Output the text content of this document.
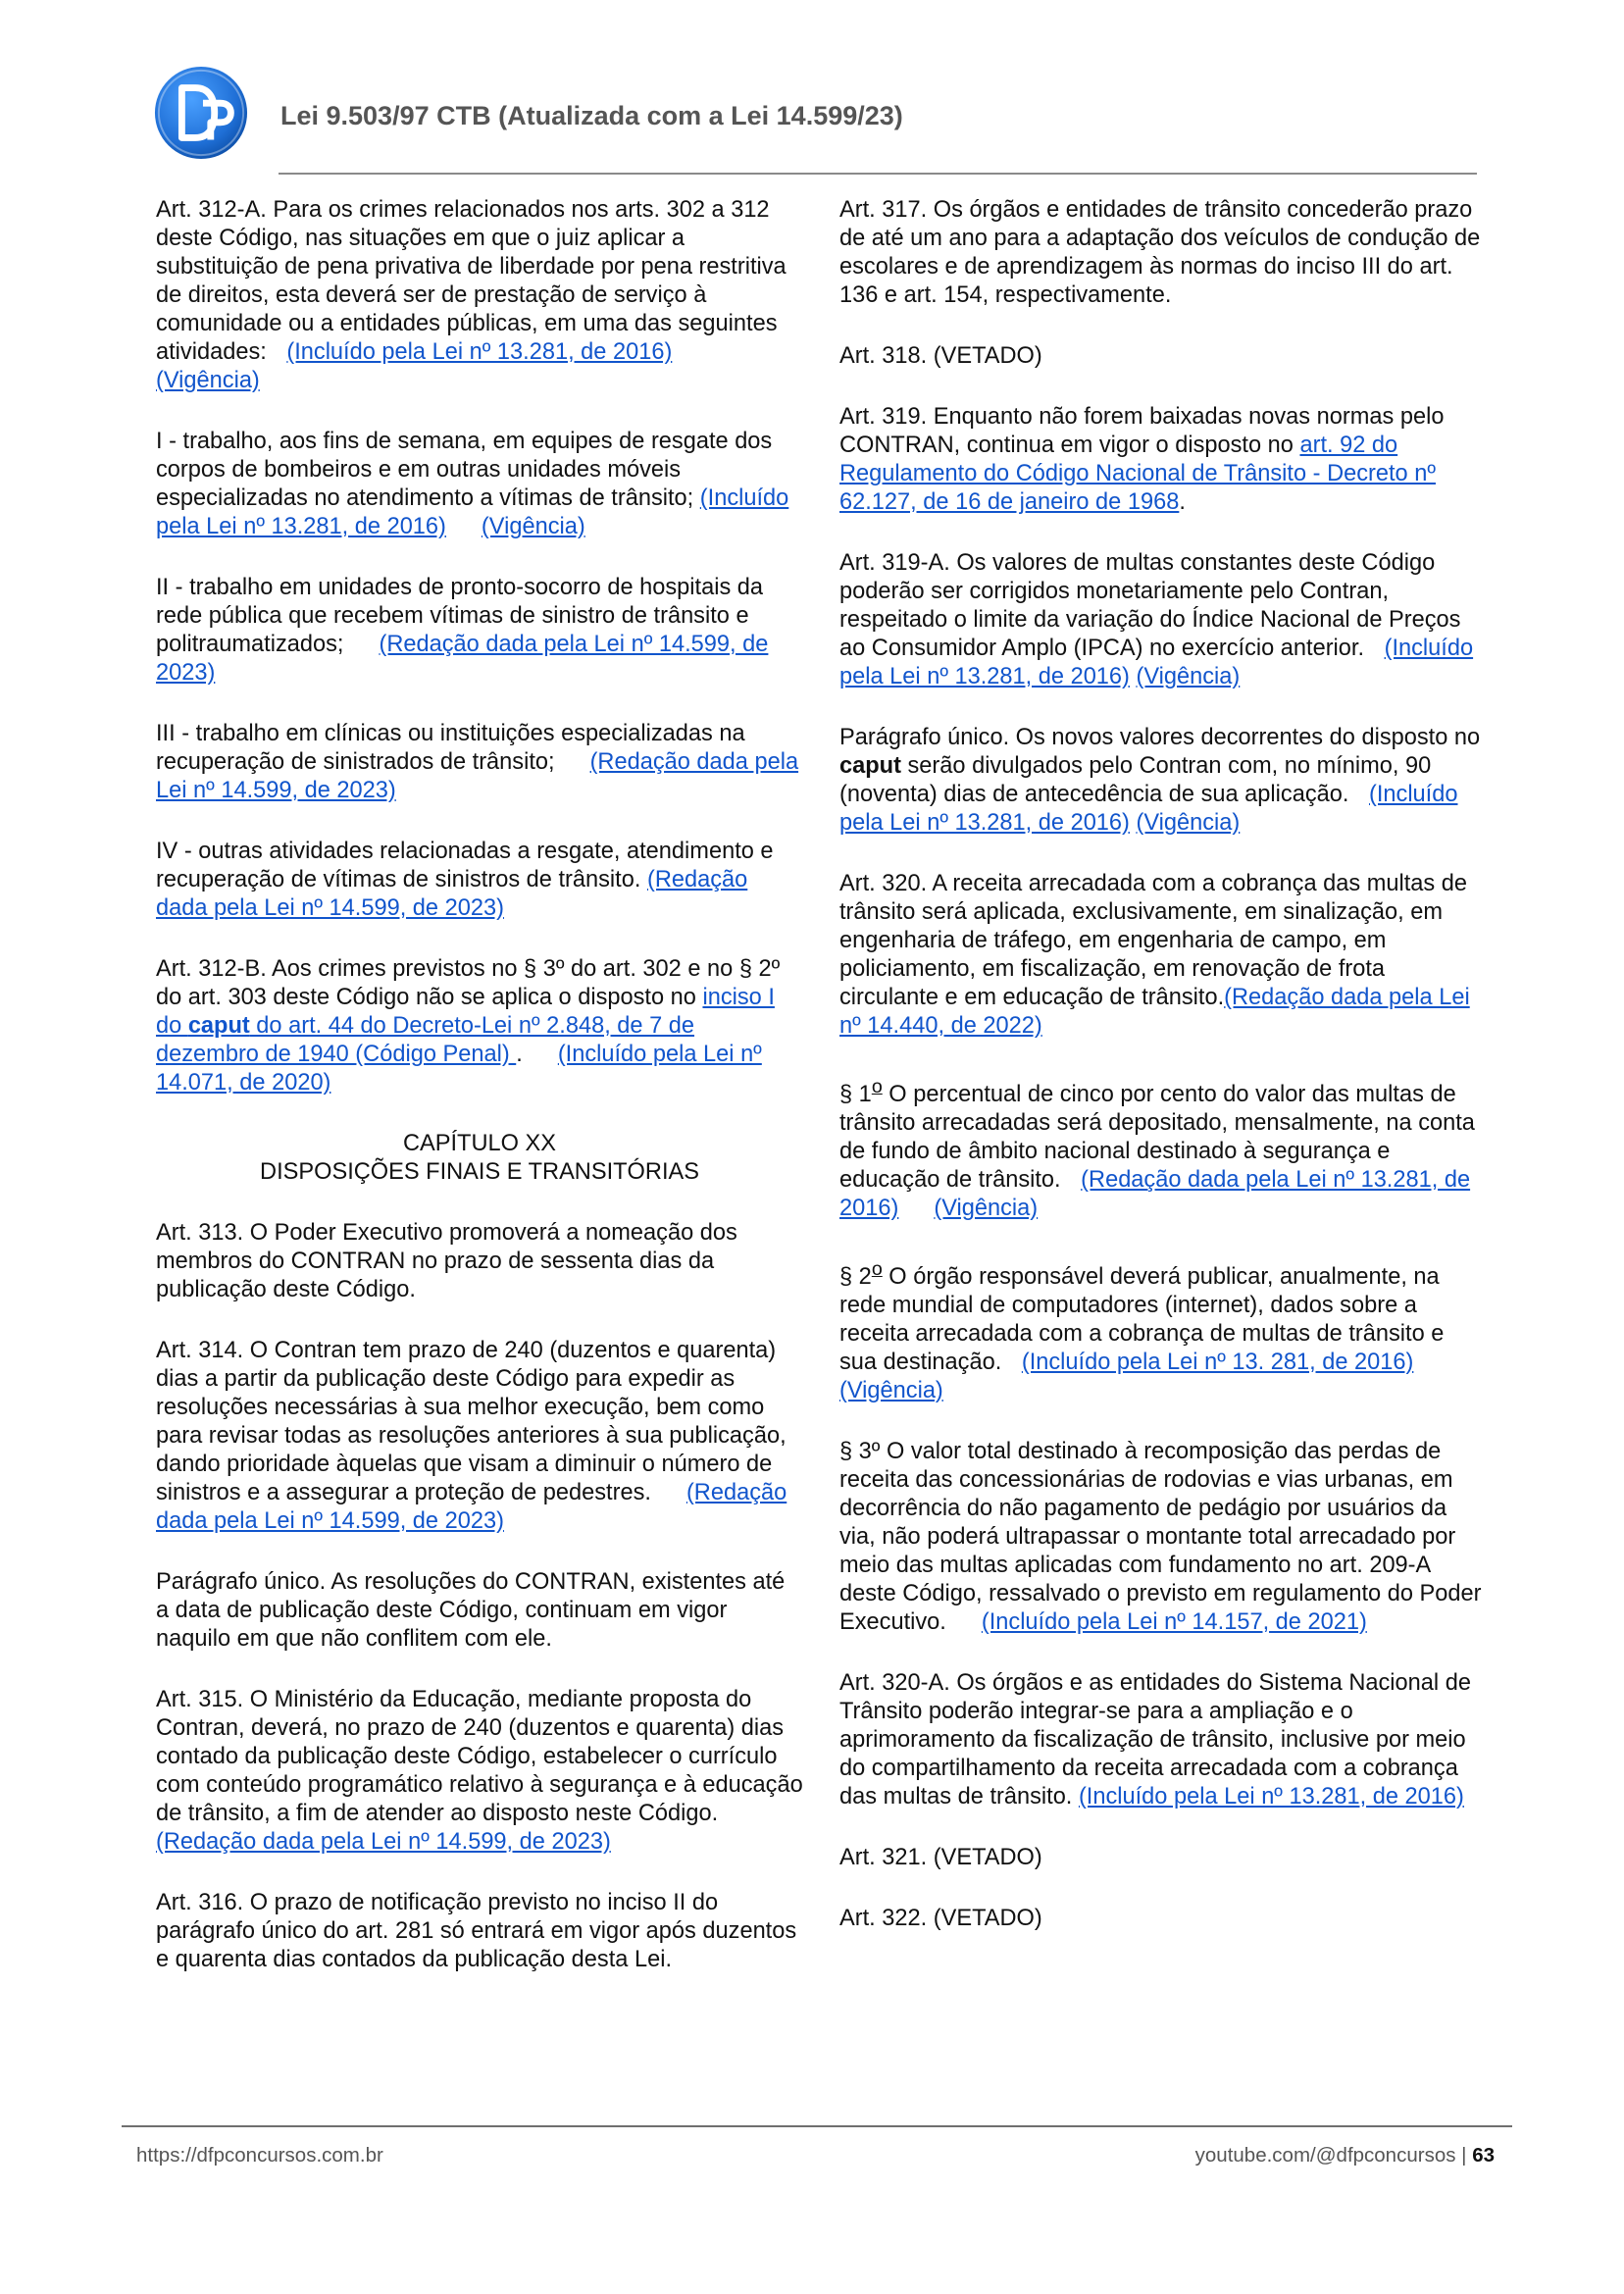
Lei 9.503/97 CTB (Atualizada com a Lei 14.599/23)

Art. 312-A. Para os crimes relacionados nos arts. 302 a 312 deste Código, nas situações em que o juiz aplicar a substituição de pena privativa de liberdade por pena restritiva de direitos, esta deverá ser de prestação de serviço à comunidade ou a entidades públicas, em uma das seguintes atividades: (Incluído pela Lei nº 13.281, de 2016)(Vigência)

I - trabalho, aos fins de semana, em equipes de resgate dos corpos de bombeiros e em outras unidades móveis especializadas no atendimento a vítimas de trânsito; (Incluído pela Lei nº 13.281, de 2016) (Vigência)

II - trabalho em unidades de pronto-socorro de hospitais da rede pública que recebem vítimas de sinistro de trânsito e politraumatizados; (Redação dada pela Lei nº 14.599, de 2023)

III - trabalho em clínicas ou instituições especializadas na recuperação de sinistrados de trânsito; (Redação dada pela Lei nº 14.599, de 2023)

IV - outras atividades relacionadas a resgate, atendimento e recuperação de vítimas de sinistros de trânsito. (Redação dada pela Lei nº 14.599, de 2023)

Art. 312-B. Aos crimes previstos no § 3º do art. 302 e no § 2º do art. 303 deste Código não se aplica o disposto no inciso I do caput do art. 44 do Decreto-Lei nº 2.848, de 7 de dezembro de 1940 (Código Penal) . (Incluído pela Lei nº 14.071, de 2020)

CAPÍTULO XX
DISPOSIÇÕES FINAIS E TRANSITÓRIAS

Art. 313. O Poder Executivo promoverá a nomeação dos membros do CONTRAN no prazo de sessenta dias da publicação deste Código.

Art. 314. O Contran tem prazo de 240 (duzentos e quarenta) dias a partir da publicação deste Código para expedir as resoluções necessárias à sua melhor execução, bem como para revisar todas as resoluções anteriores à sua publicação, dando prioridade àquelas que visam a diminuir o número de sinistros e a assegurar a proteção de pedestres. (Redação dada pela Lei nº 14.599, de 2023)

Parágrafo único. As resoluções do CONTRAN, existentes até a data de publicação deste Código, continuam em vigor naquilo em que não conflitem com ele.

Art. 315. O Ministério da Educação, mediante proposta do Contran, deverá, no prazo de 240 (duzentos e quarenta) dias contado da publicação deste Código, estabelecer o currículo com conteúdo programático relativo à segurança e à educação de trânsito, a fim de atender ao disposto neste Código.(Redação dada pela Lei nº 14.599, de 2023)

Art. 316. O prazo de notificação previsto no inciso II do parágrafo único do art. 281 só entrará em vigor após duzentos e quarenta dias contados da publicação desta Lei.

Art. 317. Os órgãos e entidades de trânsito concederão prazo de até um ano para a adaptação dos veículos de condução de escolares e de aprendizagem às normas do inciso III do art. 136 e art. 154, respectivamente.

Art. 318. (VETADO)

Art. 319. Enquanto não forem baixadas novas normas pelo CONTRAN, continua em vigor o disposto no art. 92 do Regulamento do Código Nacional de Trânsito - Decreto nº 62.127, de 16 de janeiro de 1968.

Art. 319-A. Os valores de multas constantes deste Código poderão ser corrigidos monetariamente pelo Contran, respeitado o limite da variação do Índice Nacional de Preços ao Consumidor Amplo (IPCA) no exercício anterior. (Incluído pela Lei nº 13.281, de 2016) (Vigência)

Parágrafo único. Os novos valores decorrentes do disposto no caput serão divulgados pelo Contran com, no mínimo, 90 (noventa) dias de antecedência de sua aplicação. (Incluído pela Lei nº 13.281, de 2016) (Vigência)

Art. 320. A receita arrecadada com a cobrança das multas de trânsito será aplicada, exclusivamente, em sinalização, em engenharia de tráfego, em engenharia de campo, em policiamento, em fiscalização, em renovação de frota circulante e em educação de trânsito.(Redação dada pela Lei nº 14.440, de 2022)

§ 1$^o$ O percentual de cinco por cento do valor das multas de trânsito arrecadadas será depositado, mensalmente, na conta de fundo de âmbito nacional destinado à segurança e educação de trânsito. (Redação dada pela Lei nº 13.281, de 2016) (Vigência)

§ 2$^o$ O órgão responsável deverá publicar, anualmente, na rede mundial de computadores (internet), dados sobre a receita arrecadada com a cobrança de multas de trânsito e sua destinação. (Incluído pela Lei nº 13. 281, de 2016)(Vigência)

§ 3º O valor total destinado à recomposição das perdas de receita das concessionárias de rodovias e vias urbanas, em decorrência do não pagamento de pedágio por usuários da via, não poderá ultrapassar o montante total arrecadado por meio das multas aplicadas com fundamento no art. 209-A deste Código, ressalvado o previsto em regulamento do Poder Executivo. (Incluído pela Lei nº 14.157, de 2021)

Art. 320-A. Os órgãos e as entidades do Sistema Nacional de Trânsito poderão integrar-se para a ampliação e o aprimoramento da fiscalização de trânsito, inclusive por meio do compartilhamento da receita arrecadada com a cobrança das multas de trânsito. (Incluído pela Lei nº 13.281, de 2016)

Art. 321. (VETADO)

Art. 322. (VETADO)

https://dfpconcursos.com.br	youtube.com/@dfpconcursos | 63
